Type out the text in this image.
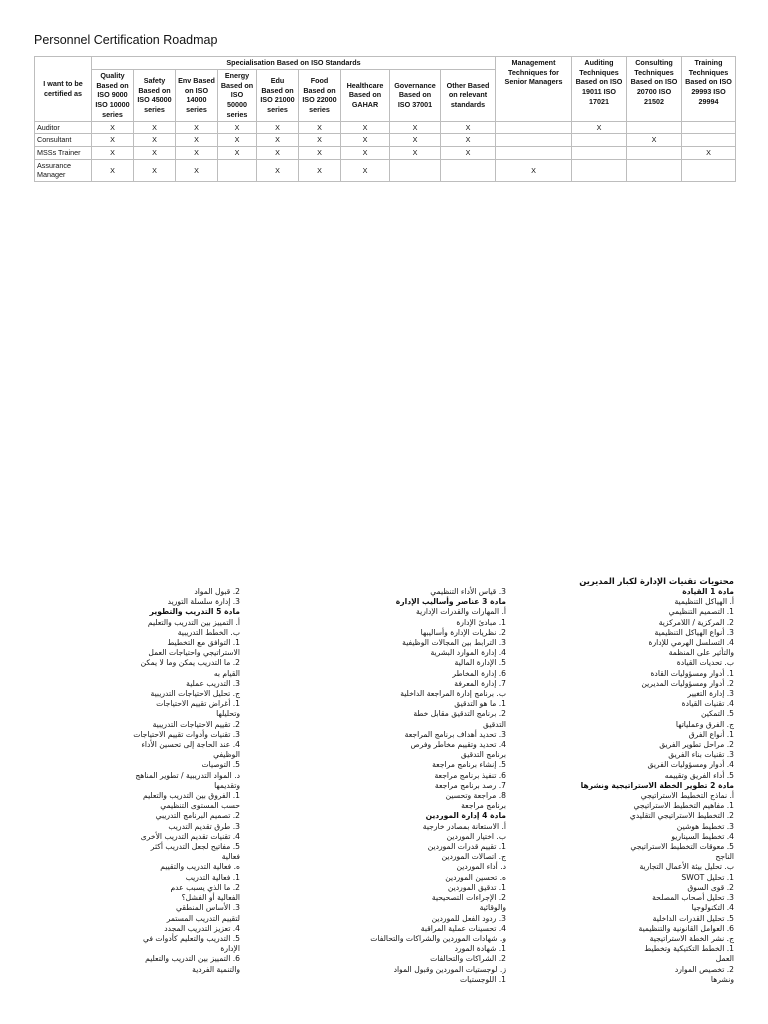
Personnel Certification Roadmap
I want to be certified as	Specialisation Based on ISO Standards									Management Techniques for Senior Managers	Auditing Techniques Based on ISO 19011 ISO 17021	Consulting Techniques Based on ISO 20700 ISO 21502	Training Techniques Based on ISO 29993 ISO 29994
	Quality Based on ISO 9000 ISO 10000 series	Safety Based on ISO 45000 series	Env Based on ISO 14000 series	Energy Based on ISO 50000 series	Edu Based on ISO 21000 series	Food Based on ISO 22000 series	Healthcare Based on GAHAR	Governance Based on ISO 37001	Other Based on relevant standards				
Auditor	X	X	X	X	X	X	X	X	X		X		
Consultant	X	X	X	X	X	X	X	X	X			X	
MSSs Trainer	X	X	X	X	X	X	X	X	X				X
Assurance Manager	X	X	X		X	X	X			X			
محتويات تقنيات الإدارة لكبار المديرين
مادة 1 القيادة
أ. الهياكل التنظيمية
1. التصميم التنظيمي
2. المركزية / اللامركزية
3. أنواع الهياكل التنظيمية
4. التسلسل الهرمي للإدارة
والتأثير على المنظمة
ب. تحديات القيادة
1. أدوار ومسؤوليات القادة
2. أدوار ومسؤوليات المديرين
3. إدارة التغيير
4. تقنيات القيادة
5. التمكين
ج. الفرق وعملياتها
1. أنواع الفرق
2. مراحل تطوير الفريق
3. تقنيات بناء الفريق
4. أدوار ومسؤوليات الفريق
5. أداء الفريق وتقييمه
مادة 2 تطوير الخطة الاستراتيجية ونشرها
أ. نماذج التخطيط الاستراتيجي
1. مفاهيم التخطيط الاستراتيجي
2. التخطيط الاستراتيجي التقليدي
3. تخطيط هوشين
4. تخطيط السيناريو
5. معوقات التخطيط الاستراتيجي
الناجح
ب. تحليل بيئة الأعمال التجارية
1. تحليل SWOT
2. قوى السوق
3. تحليل أصحاب المصلحة
4. التكنولوجيا
5. تحليل القدرات الداخلية
6. العوامل القانونية والتنظيمية
ج. نشر الخطة الاستراتيجية
1. الخطط التكتيكية وتخطيط
العمل
2. تخصيص الموارد
ونشرها
3. قياس الأداء التنظيمي
مادة 3 عناصر وأساليب الإدارة
أ. المهارات والقدرات الإدارية
1. مبادئ الإدارة
2. نظريات الإدارة وأساليبها
3. الترابط بين المجالات الوظيفية
4. إدارة الموارد البشرية
5. الإدارة المالية
6. إدارة المخاطر
7. إدارة المعرفة
ب. برنامج إدارة المراجعة الداخلية
1. ما هو التدقيق
2. برنامج التدقيق مقابل خطة
التدقيق
3. تحديد أهداف برنامج المراجعة
4. تحديد وتقييم مخاطر وفرص
برنامج التدقيق
5. إنشاء برنامج مراجعة
6. تنفيذ برنامج مراجعة
7. رصد برنامج مراجعة
8. مراجعة وتحسين
برنامج مراجعة
مادة 4 إدارة الموردين
أ. الاستعانة بمصادر خارجية
ب. اختيار الموردين
1. تقييم قدرات الموردين
ج. اتصالات الموردين
د. أداء الموردين
ه. تحسين الموردين
1. تدقيق الموردين
2. الإجراءات التصحيحية
والوقائية
3. ردود الفعل للموردين
4. تحسينات عملية المراقبة
و. شهادات الموردين والشراكات والتحالفات
1. شهادة المورد
2. الشراكات والتحالفات
ز. لوجستيات الموردين وقبول المواد
1. اللوجستيات
2. قبول المواد
3. إدارة سلسلة التوريد
مادة 5 التدريب والتطوير
أ. التمييز بين التدريب والتعليم
ب. الخطط التدريبية
1. التوافق مع التخطيط
الاستراتيجي واحتياجات العمل
2. ما التدريب يمكن وما لا يمكن
القيام به
3. التدريب عملية
ج. تحليل الاحتياجات التدريبية
1. أغراض تقييم الاحتياجات
وتحليلها
2. تقييم الاحتياجات التدريبية
3. تقنيات وأدوات تقييم الاحتياجات
4. عند الحاجة إلى تحسين الأداء
الوظيفي
5. التوصيات
د. المواد التدريبية / تطوير المناهج
وتقديمها
1. الفروق بين التدريب والتعليم
حسب المستوى التنظيمي
2. تصميم البرنامج التدريبي
3. طرق تقديم التدريب
4. تقنيات تقديم التدريب الأخرى
5. مفاتيح لجعل التدريب أكثر
فعالية
ه. فعالية التدريب والتقييم
1. فعالية التدريب
2. ما الذي يسبب عدم
الفعالية أو الفشل؟
3. الأساس المنطقي
لتقييم التدريب المستمر
4. تعزيز التدريب المجدد
5. التدريب والتعليم كأدوات في
الإدارة
6. التمييز بين التدريب والتعليم
والتنمية الفردية
